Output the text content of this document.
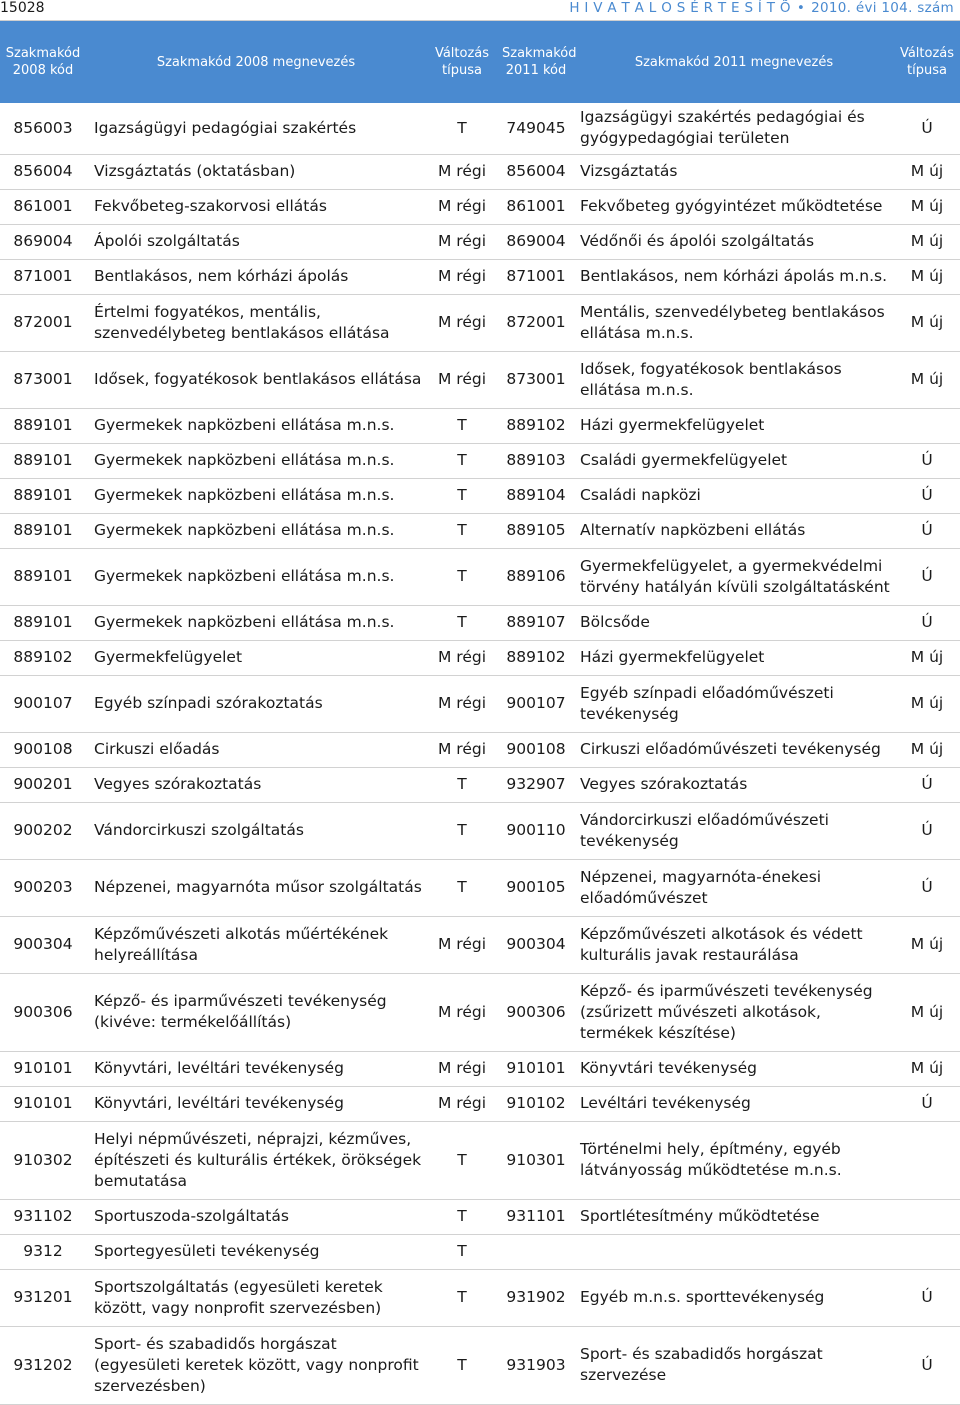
15028	H I V A T A L O S É R T E S Í T Õ • 2010. évi 104. szám
Szakmakód 2008 kód	Szakmakód 2008 megnevezés	Változás típusa	Szakmakód 2011 kód	Szakmakód 2011 megnevezés	Változás típusa
856003	Igazságügyi pedagógiai szakértés	T	749045	Igazságügyi szakértés pedagógiai és gyógypedagógiai területen	Ú
856004	Vizsgáztatás (oktatásban)	M régi	856004	Vizsgáztatás	M új
861001	Fekvőbeteg-szakorvosi ellátás	M régi	861001	Fekvőbeteg gyógyintézet működtetése	M új
869004	Ápolói szolgáltatás	M régi	869004	Védőnői és ápolói szolgáltatás	M új
871001	Bentlakásos, nem kórházi ápolás	M régi	871001	Bentlakásos, nem kórházi ápolás m.n.s.	M új
872001	Értelmi fogyatékos, mentális, szenvedélybeteg bentlakásos ellátása	M régi	872001	Mentális, szenvedélybeteg bentlakásos ellátása m.n.s.	M új
873001	Idősek, fogyatékosok bentlakásos ellátása	M régi	873001	Idősek, fogyatékosok bentlakásos ellátása m.n.s.	M új
889101	Gyermekek napközbeni ellátása m.n.s.	T	889102	Házi gyermekfelügyelet	
889101	Gyermekek napközbeni ellátása m.n.s.	T	889103	Családi gyermekfelügyelet	Ú
889101	Gyermekek napközbeni ellátása m.n.s.	T	889104	Családi napközi	Ú
889101	Gyermekek napközbeni ellátása m.n.s.	T	889105	Alternatív napközbeni ellátás	Ú
889101	Gyermekek napközbeni ellátása m.n.s.	T	889106	Gyermekfelügyelet, a gyermekvédelmi törvény hatályán kívüli szolgáltatásként	Ú
889101	Gyermekek napközbeni ellátása m.n.s.	T	889107	Bölcsőde	Ú
889102	Gyermekfelügyelet	M régi	889102	Házi gyermekfelügyelet	M új
900107	Egyéb színpadi szórakoztatás	M régi	900107	Egyéb színpadi előadóművészeti tevékenység	M új
900108	Cirkuszi előadás	M régi	900108	Cirkuszi előadóművészeti tevékenység	M új
900201	Vegyes szórakoztatás	T	932907	Vegyes szórakoztatás	Ú
900202	Vándorcirkuszi szolgáltatás	T	900110	Vándorcirkuszi előadóművészeti tevékenység	Ú
900203	Népzenei, magyarnóta műsor szolgáltatás	T	900105	Népzenei, magyarnóta-énekesi előadóművészet	Ú
900304	Képzőművészeti alkotás műértékének helyreállítása	M régi	900304	Képzőművészeti alkotások és védett kulturális javak restaurálása	M új
900306	Képző- és iparművészeti tevékenység (kivéve: termékelőállítás)	M régi	900306	Képző- és iparművészeti tevékenység (zsűrizett művészeti alkotások, termékek készítése)	M új
910101	Könyvtári, levéltári tevékenység	M régi	910101	Könyvtári tevékenység	M új
910101	Könyvtári, levéltári tevékenység	M régi	910102	Levéltári tevékenység	Ú
910302	Helyi népművészeti, néprajzi, kézműves, építészeti és kulturális értékek, örökségek bemutatása	T	910301	Történelmi hely, építmény, egyéb látványosság működtetése m.n.s.	
931102	Sportuszoda-szolgáltatás	T	931101	Sportlétesítmény működtetése	
9312	Sportegyesületi tevékenység	T			
931201	Sportszolgáltatás (egyesületi keretek között, vagy nonprofit szervezésben)	T	931902	Egyéb m.n.s. sporttevékenység	Ú
931202	Sport- és szabadidős horgászat (egyesületi keretek között, vagy nonprofit szervezésben)	T	931903	Sport- és szabadidős horgászat szervezése	Ú
